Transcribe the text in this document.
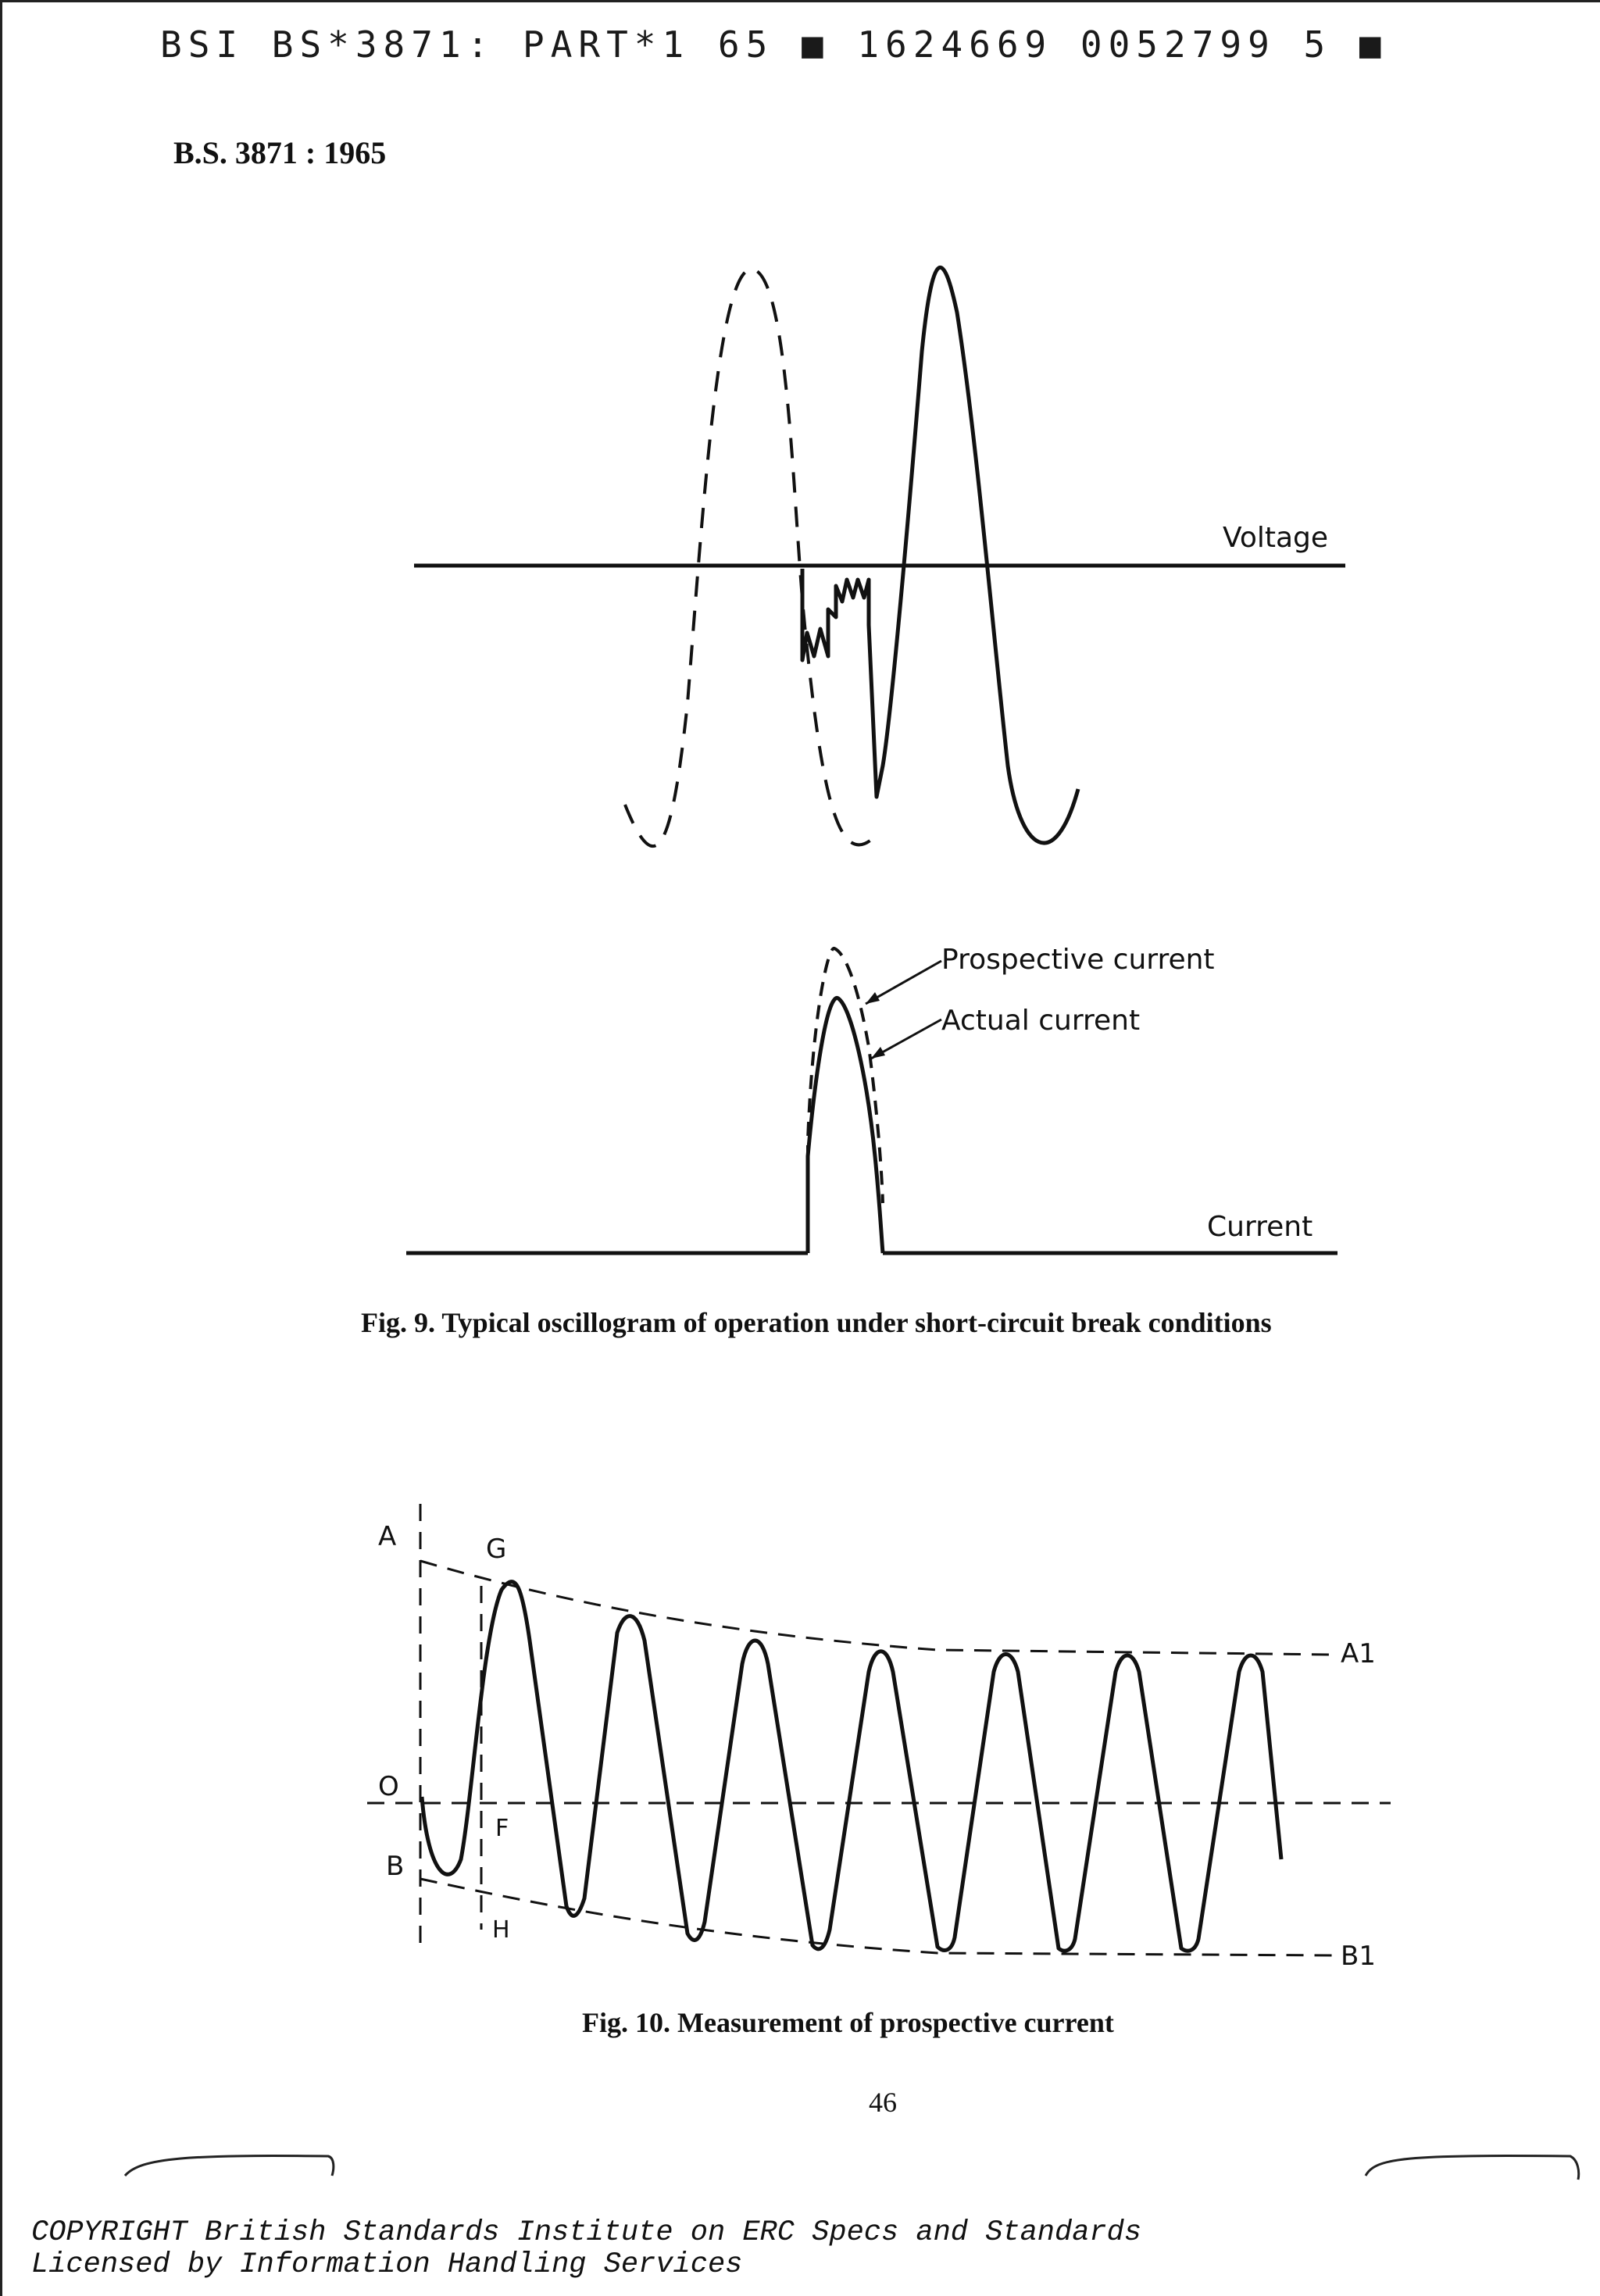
BSI BS*3871: PART*1 65 ■ 1624669 0052799 5 ■
B.S. 3871 : 1965
Voltage
Prospective current
Actual current
Current
A	G
O
B
F
H
A1
B1
Fig. 9. Typical oscillogram of operation under short-circuit break conditions
Fig. 10. Measurement of prospective current
46
COPYRIGHT British Standards Institute on ERC Specs and Standards
Licensed by Information Handling Services
